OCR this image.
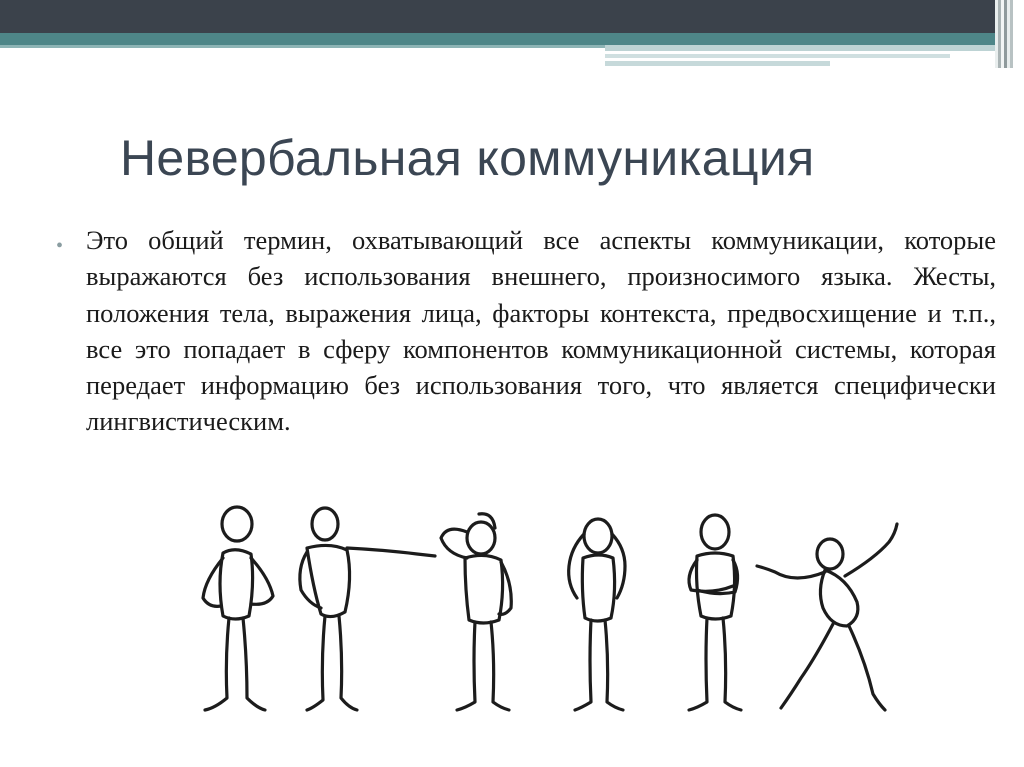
Невербальная коммуникация
• Это общий термин, охватывающий все аспекты коммуникации, которые выражаются без использования внешнего, произносимого языка. Жесты, положения тела, выражения лица, факторы контекста, предвосхищение и т.п., все это попадает в сферу компонентов коммуникационной системы, которая передает информацию без использования того, что является специфически лингвистическим.
